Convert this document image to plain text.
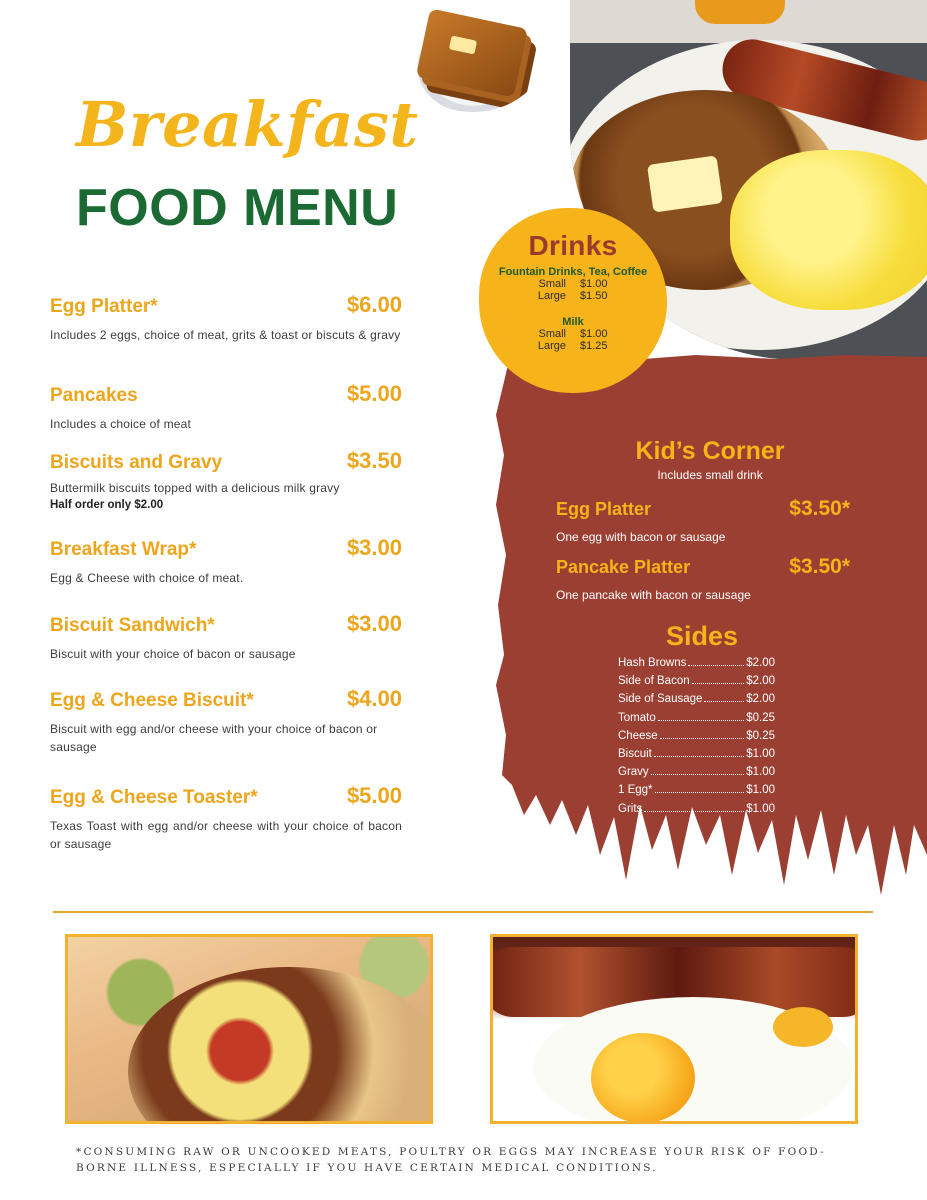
Drinks
Fountain Drinks, Tea, Coffee
Small $1.00
Large $1.50
Milk
Small $1.00
Large $1.25
Breakfast
FOOD MENU
Egg Platter*	$6.00
Includes 2 eggs, choice of meat, grits & toast or biscuts & gravy
Pancakes	$5.00
Includes a choice of meat
Biscuits and Gravy	$3.50
Buttermilk biscuits topped with a delicious milk gravy
Half order only $2.00
Breakfast Wrap*	$3.00
Egg & Cheese with choice of meat.
Biscuit Sandwich*	$3.00
Biscuit with your choice of bacon or sausage
Egg & Cheese Biscuit*	$4.00
Biscuit with egg and/or cheese with your choice of bacon or sausage
Egg & Cheese Toaster*	$5.00
Texas Toast with egg and/or cheese with your choice of bacon or sausage
Kid’s Corner
Includes small drink
Egg Platter	$3.50*
One egg with bacon or sausage
Pancake Platter	$3.50*
One pancake with bacon or sausage
Sides
Hash Browns	$2.00
Side of Bacon	$2.00
Side of Sausage	$2.00
Tomato	$0.25
Cheese	$0.25
Biscuit	$1.00
Gravy	$1.00
1 Egg*	$1.00
Grits	$1.00
*CONSUMING RAW OR UNCOOKED MEATS, POULTRY OR EGGS MAY INCREASE YOUR RISK OF FOOD-BORNE ILLNESS, ESPECIALLY IF YOU HAVE CERTAIN MEDICAL CONDITIONS.
